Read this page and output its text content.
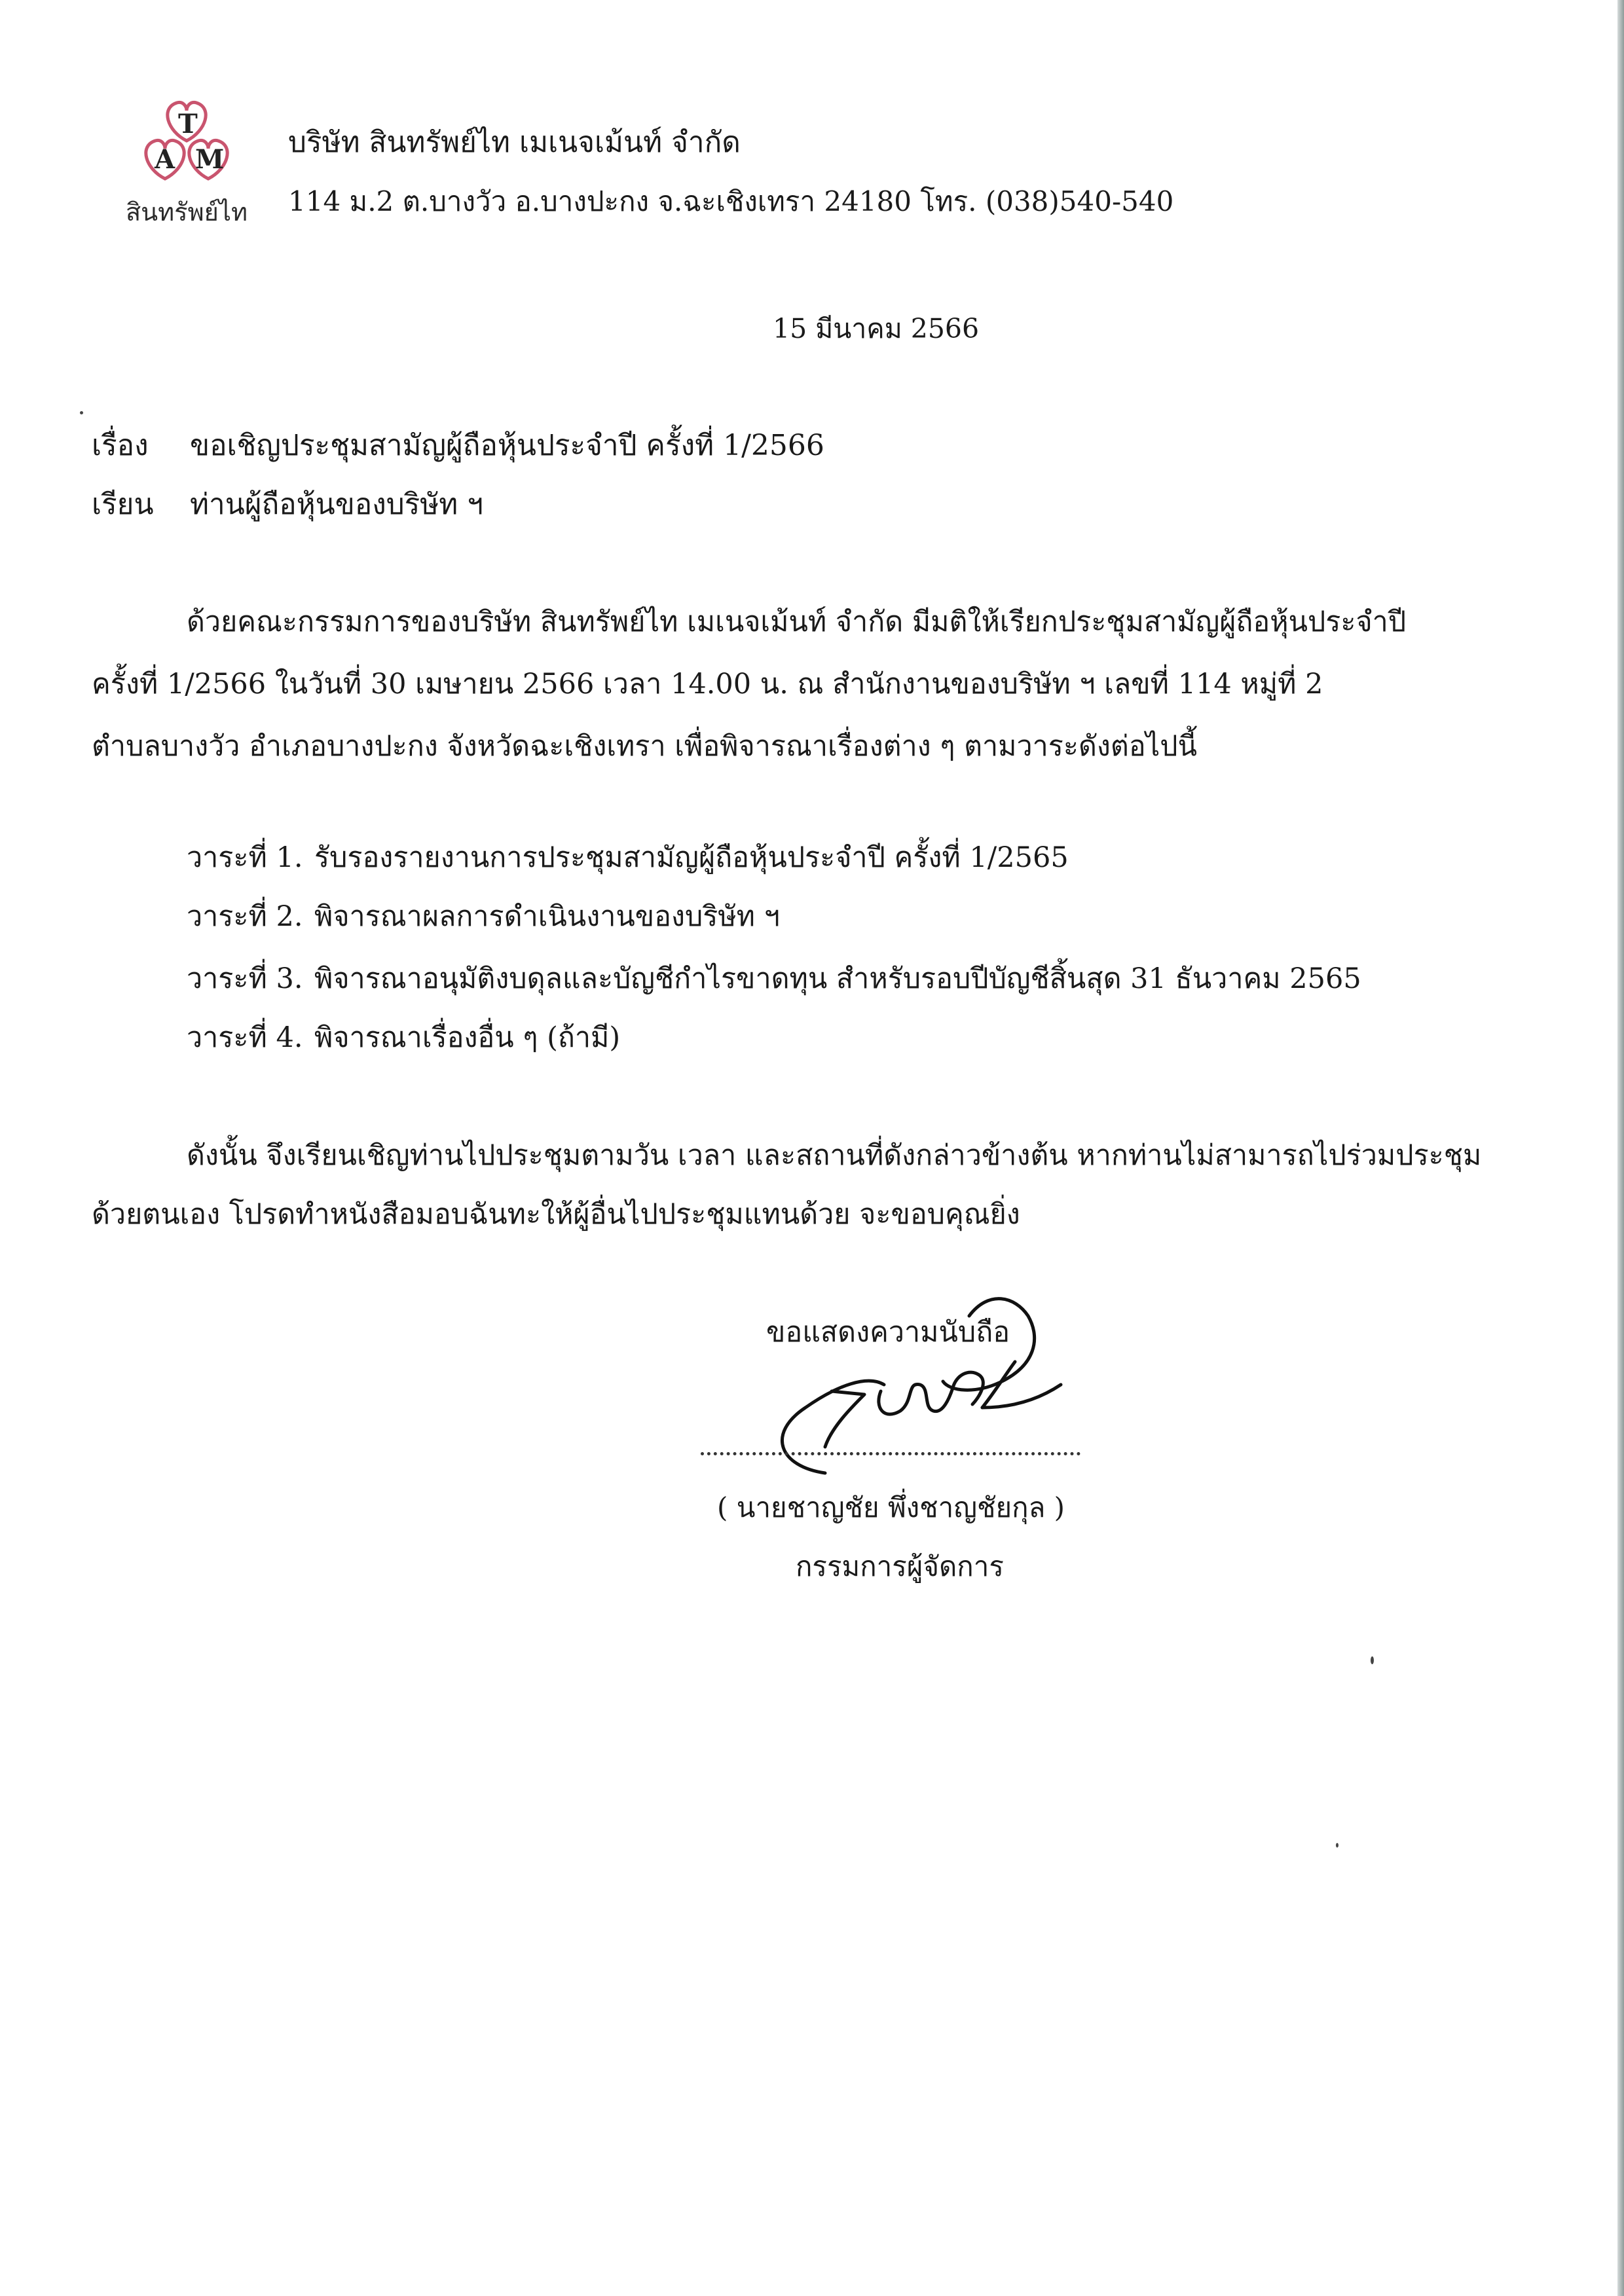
T
A M
สินทรัพย์ไท
บริษัท สินทรัพย์ไท เมเนจเม้นท์ จำกัด
114 ม.2 ต.บางวัว อ.บางปะกง จ.ฉะเชิงเทรา 24180 โทร. (038)540-540
15 มีนาคม 2566
เรื่อง ขอเชิญประชุมสามัญผู้ถือหุ้นประจำปี ครั้งที่ 1/2566
เรียน ท่านผู้ถือหุ้นของบริษัท ฯ
ด้วยคณะกรรมการของบริษัท สินทรัพย์ไท เมเนจเม้นท์ จำกัด มีมติให้เรียกประชุมสามัญผู้ถือหุ้นประจำปี
ครั้งที่ 1/2566 ในวันที่ 30 เมษายน 2566 เวลา 14.00 น. ณ สำนักงานของบริษัท ฯ เลขที่ 114 หมู่ที่ 2
ตำบลบางวัว อำเภอบางปะกง จังหวัดฉะเชิงเทรา เพื่อพิจารณาเรื่องต่าง ๆ ตามวาระดังต่อไปนี้
วาระที่ 1. รับรองรายงานการประชุมสามัญผู้ถือหุ้นประจำปี ครั้งที่ 1/2565
วาระที่ 2. พิจารณาผลการดำเนินงานของบริษัท ฯ
วาระที่ 3. พิจารณาอนุมัติงบดุลและบัญชีกำไรขาดทุน สำหรับรอบปีบัญชีสิ้นสุด 31 ธันวาคม 2565
วาระที่ 4. พิจารณาเรื่องอื่น ๆ (ถ้ามี)
ดังนั้น จึงเรียนเชิญท่านไปประชุมตามวัน เวลา และสถานที่ดังกล่าวข้างต้น หากท่านไม่สามารถไปร่วมประชุม
ด้วยตนเอง โปรดทำหนังสือมอบฉันทะให้ผู้อื่นไปประชุมแทนด้วย จะขอบคุณยิ่ง
ขอแสดงความนับถือ
( นายชาญชัย พึ่งชาญชัยกุล )
กรรมการผู้จัดการ
